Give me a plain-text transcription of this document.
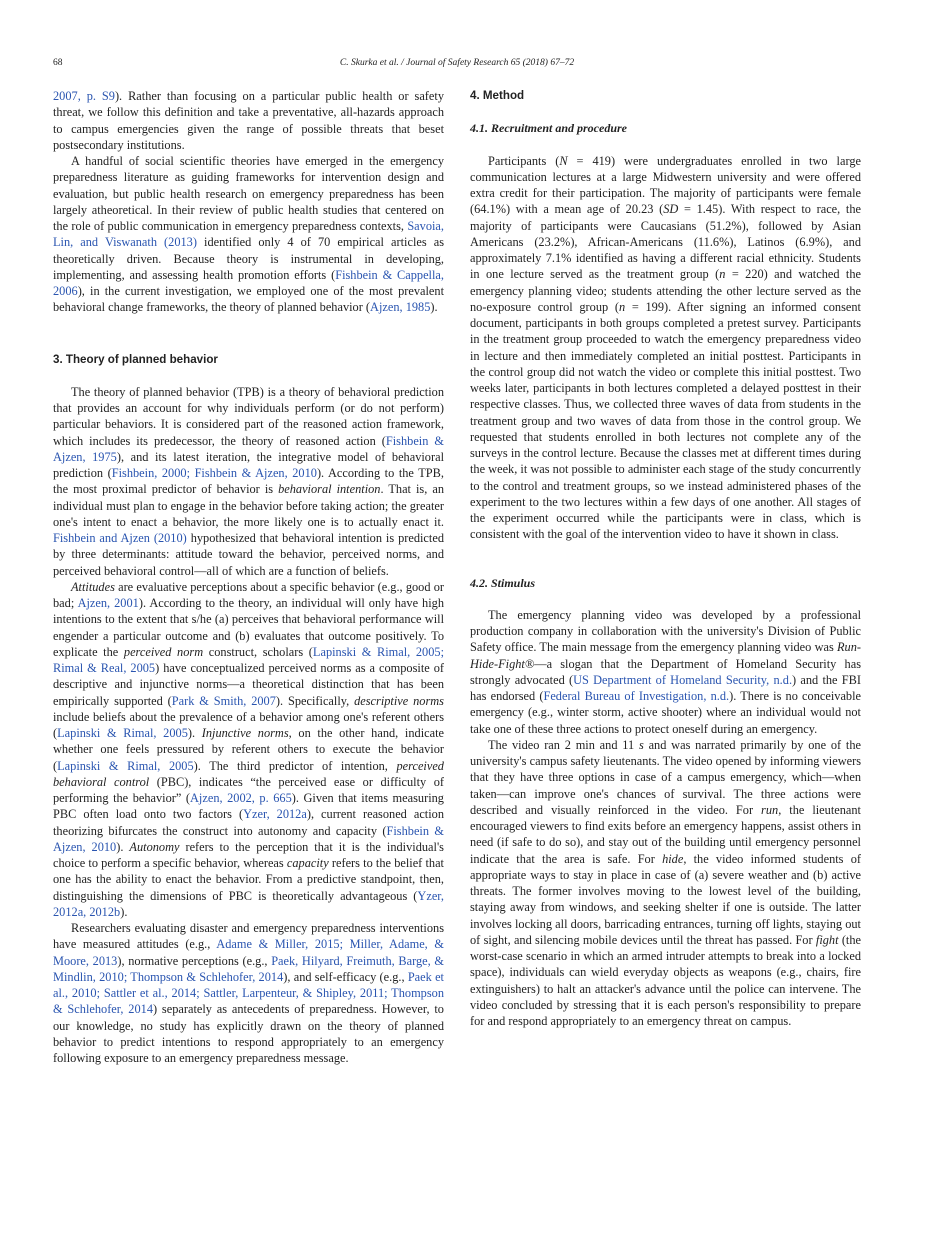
68	C. Skurka et al. / Journal of Safety Research 65 (2018) 67–72

2007, p. S9). Rather than focusing on a particular public health or safety threat, we follow this definition and take a preventative, all-hazards approach to campus emergencies given the range of possible threats that beset postsecondary institutions.

A handful of social scientific theories have emerged in the emergency preparedness literature as guiding frameworks for intervention design and evaluation, but public health research on emergency preparedness has been largely atheoretical. In their review of public health studies that centered on the role of public communication in emergency preparedness contexts, Savoia, Lin, and Viswanath (2013) identified only 4 of 70 empirical articles as theoretically driven. Because theory is instrumental in developing, implementing, and assessing health promotion efforts (Fishbein & Cappella, 2006), in the current investigation, we employed one of the most prevalent behavioral change frameworks, the theory of planned behavior (Ajzen, 1985).

3. Theory of planned behavior

The theory of planned behavior (TPB) is a theory of behavioral prediction that provides an account for why individuals perform (or do not perform) particular behaviors. It is considered part of the reasoned action framework, which includes its predecessor, the theory of reasoned action (Fishbein & Ajzen, 1975), and its latest iteration, the integrative model of behavioral prediction (Fishbein, 2000; Fishbein & Ajzen, 2010). According to the TPB, the most proximal predictor of behavior is behavioral intention. That is, an individual must plan to engage in the behavior before taking action; the greater one's intent to enact a behavior, the more likely one is to actually enact it. Fishbein and Ajzen (2010) hypothesized that behavioral intention is predicted by three determinants: attitude toward the behavior, perceived norms, and perceived behavioral control—all of which are a function of beliefs.

Attitudes are evaluative perceptions about a specific behavior (e.g., good or bad; Ajzen, 2001). According to the theory, an individual will only have high intentions to the extent that s/he (a) perceives that behavioral performance will engender a particular outcome and (b) evaluates that outcome positively. To explicate the perceived norm construct, scholars (Lapinski & Rimal, 2005; Rimal & Real, 2005) have conceptualized perceived norms as a composite of descriptive and injunctive norms—a theoretical distinction that has been empirically supported (Park & Smith, 2007). Specifically, descriptive norms include beliefs about the prevalence of a behavior among one's referent others (Lapinski & Rimal, 2005). Injunctive norms, on the other hand, indicate whether one feels pressured by referent others to execute the behavior (Lapinski & Rimal, 2005). The third predictor of intention, perceived behavioral control (PBC), indicates “the perceived ease or difficulty of performing the behavior” (Ajzen, 2002, p. 665). Given that items measuring PBC often load onto two factors (Yzer, 2012a), current reasoned action theorizing bifurcates the construct into autonomy and capacity (Fishbein & Ajzen, 2010). Autonomy refers to the perception that it is the individual's choice to perform a specific behavior, whereas capacity refers to the belief that one has the ability to enact the behavior. From a predictive standpoint, then, distinguishing the dimensions of PBC is theoretically advantageous (Yzer, 2012a, 2012b).

Researchers evaluating disaster and emergency preparedness interventions have measured attitudes (e.g., Adame & Miller, 2015; Miller, Adame, & Moore, 2013), normative perceptions (e.g., Paek, Hilyard, Freimuth, Barge, & Mindlin, 2010; Thompson & Schlehofer, 2014), and self-efficacy (e.g., Paek et al., 2010; Sattler et al., 2014; Sattler, Larpenteur, & Shipley, 2011; Thompson & Schlehofer, 2014) separately as antecedents of preparedness. However, to our knowledge, no study has explicitly drawn on the theory of planned behavior to predict intentions to respond appropriately to an emergency following exposure to an emergency preparedness message.

4. Method
4.1. Recruitment and procedure

Participants (N = 419) were undergraduates enrolled in two large communication lectures at a large Midwestern university and were offered extra credit for their participation. The majority of participants were female (64.1%) with a mean age of 20.23 (SD = 1.45). With respect to race, the majority of participants were Caucasians (51.2%), followed by Asian Americans (23.2%), African-Americans (11.6%), Latinos (6.9%), and approximately 7.1% identified as having a different racial ethnicity. Students in one lecture served as the treatment group (n = 220) and watched the emergency planning video; students attending the other lecture served as the no-exposure control group (n = 199). After signing an informed consent document, participants in both groups completed a pretest survey. Participants in the treatment group proceeded to watch the emergency preparedness video in lecture and then immediately completed an initial posttest. Participants in the control group did not watch the video or complete this initial posttest. Two weeks later, participants in both lectures completed a delayed posttest in their respective classes. Thus, we collected three waves of data from students in the treatment group and two waves of data from those in the control group. We requested that students enrolled in both lectures not complete any of the surveys in the control lecture. Because the classes met at different times during the week, it was not possible to administer each stage of the study concurrently to the control and treatment groups, so we instead administered phases of the experiment to the two lectures within a few days of one another. All stages of the experiment occurred while the participants were in class, which is consistent with the goal of the intervention video to have it shown in class.

4.2. Stimulus

The emergency planning video was developed by a professional production company in collaboration with the university's Division of Public Safety office. The main message from the emergency planning video was Run-Hide-Fight®—a slogan that the Department of Homeland Security has strongly advocated (US Department of Homeland Security, n.d.) and the FBI has endorsed (Federal Bureau of Investigation, n.d.). There is no conceivable emergency (e.g., winter storm, active shooter) where an individual would not take one of these three actions to protect oneself during an emergency.

The video ran 2 min and 11 s and was narrated primarily by one of the university's campus safety lieutenants. The video opened by informing viewers that they have three options in case of a campus emergency, which—when taken—can improve one's chances of survival. The three actions were described and visually reinforced in the video. For run, the lieutenant encouraged viewers to find exits before an emergency happens, assist others in need (if safe to do so), and stay out of the building until emergency personnel indicate that the area is safe. For hide, the video informed students of appropriate ways to stay in place in case of (a) severe weather and (b) active threats. The former involves moving to the lowest level of the building, staying away from windows, and seeking shelter if one is outside. The latter involves locking all doors, barricading entrances, turning off lights, staying out of sight, and silencing mobile devices until the threat has passed. For fight (the worst-case scenario in which an armed intruder attempts to break into a locked space), individuals can wield everyday objects as weapons (e.g., chairs, fire extinguishers) to halt an attacker's advance until the police can intervene. The video concluded by stressing that it is each person's responsibility to prepare for and respond appropriately to an emergency threat on campus.
